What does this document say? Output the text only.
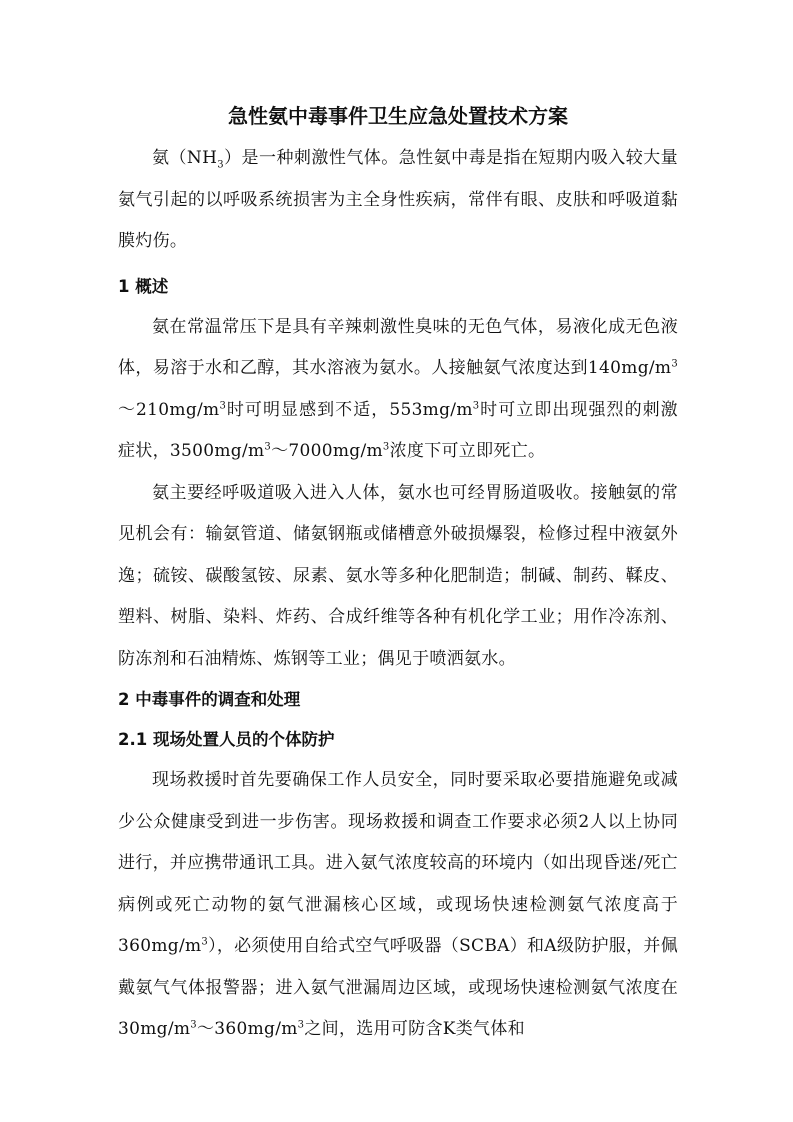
急性氨中毒事件卫生应急处置技术方案

氨$(NH_3)$是一种刺激性气体。急性氨中毒是指在短期内吸入较大量氨气引起的以呼吸系统损害为主全身性疾病，常伴有眼、皮肤和呼吸道黏膜灼伤。

1 概述

氨在常温常压下是具有辛辣刺激性臭味的无色气体，易液化成无色液体，易溶于水和乙醇，其水溶液为氨水。人接触氨气浓度达到$140mg/m^3\sim 210mg/m^3$时可明显感到不适，$553mg/m^3$时可立即出现强烈的刺激症状，$3500mg/m^3\sim 7000mg/m^3$浓度下可立即死亡。

氨主要经呼吸道吸入进入人体，氨水也可经胃肠道吸收。接触氨的常见机会有：输氨管道、储氨钢瓶或储槽意外破损爆裂，检修过程中液氨外逸；硫铵、碳酸氢铵、尿素、氨水等多种化肥制造；制碱、制药、鞣皮、塑料、树脂、染料、炸药、合成纤维等各种有机化学工业；用作冷冻剂、防冻剂和石油精炼、炼钢等工业；偶见于喷洒氨水。

2 中毒事件的调查和处理
2.1 现场处置人员的个体防护

现场救援时首先要确保工作人员安全，同时要采取必要措施避免或减少公众健康受到进一步伤害。现场救援和调查工作要求必须2人以上协同进行，并应携带通讯工具。进入氨气浓度较高的环境内（如出现昏迷/死亡病例或死亡动物的氨气泄漏核心区域，或现场快速检测氨气浓度高于$360mg/m^3$），必须使用自给式空气呼吸器（SCBA）和A级防护服，并佩戴氨气气体报警器；进入氨气泄漏周边区域，或现场快速检测氨气浓度在$30mg/m^3\sim 360mg/m^3$之间，选用可防含K类气体和
